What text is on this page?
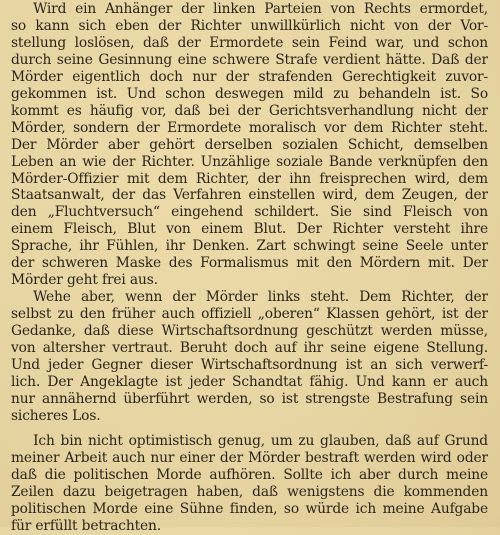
Wird ein Anhänger der linken Parteien von Rechts ermordet,
so kann sich eben der Richter unwillkürlich nicht von der Vor-
stellung loslösen, daß der Ermordete sein Feind war, und schon
durch seine Gesinnung eine schwere Strafe verdient hätte. Daß der
Mörder eigentlich doch nur der strafenden Gerechtigkeit zuvor-
gekommen ist. Und schon deswegen mild zu behandeln ist. So
kommt es häufig vor, daß bei der Gerichtsverhandlung nicht der
Mörder, sondern der Ermordete moralisch vor dem Richter steht.
Der Mörder aber gehört derselben sozialen Schicht, demselben
Leben an wie der Richter. Unzählige soziale Bande verknüpfen den
Mörder-Offizier mit dem Richter, der ihn freisprechen wird, dem
Staatsanwalt, der das Verfahren einstellen wird, dem Zeugen, der
den „Fluchtversuch“ eingehend schildert. Sie sind Fleisch von
einem Fleisch, Blut von einem Blut. Der Richter versteht ihre
Sprache, ihr Fühlen, ihr Denken. Zart schwingt seine Seele unter
der schweren Maske des Formalismus mit den Mördern mit. Der
Mörder geht frei aus.

Wehe aber, wenn der Mörder links steht. Dem Richter, der
selbst zu den früher auch offiziell „oberen“ Klassen gehört, ist der
Gedanke, daß diese Wirtschaftsordnung geschützt werden müsse,
von altersher vertraut. Beruht doch auf ihr seine eigene Stellung.
Und jeder Gegner dieser Wirtschaftsordnung ist an sich verwerf-
lich. Der Angeklagte ist jeder Schandtat fähig. Und kann er auch
nur annähernd überführt werden, so ist strengste Bestrafung sein
sicheres Los.

Ich bin nicht optimistisch genug, um zu glauben, daß auf Grund
meiner Arbeit auch nur einer der Mörder bestraft werden wird oder
daß die politischen Morde aufhören. Sollte ich aber durch meine
Zeilen dazu beigetragen haben, daß wenigstens die kommenden
politischen Morde eine Sühne finden, so würde ich meine Aufgabe
für erfüllt betrachten.
